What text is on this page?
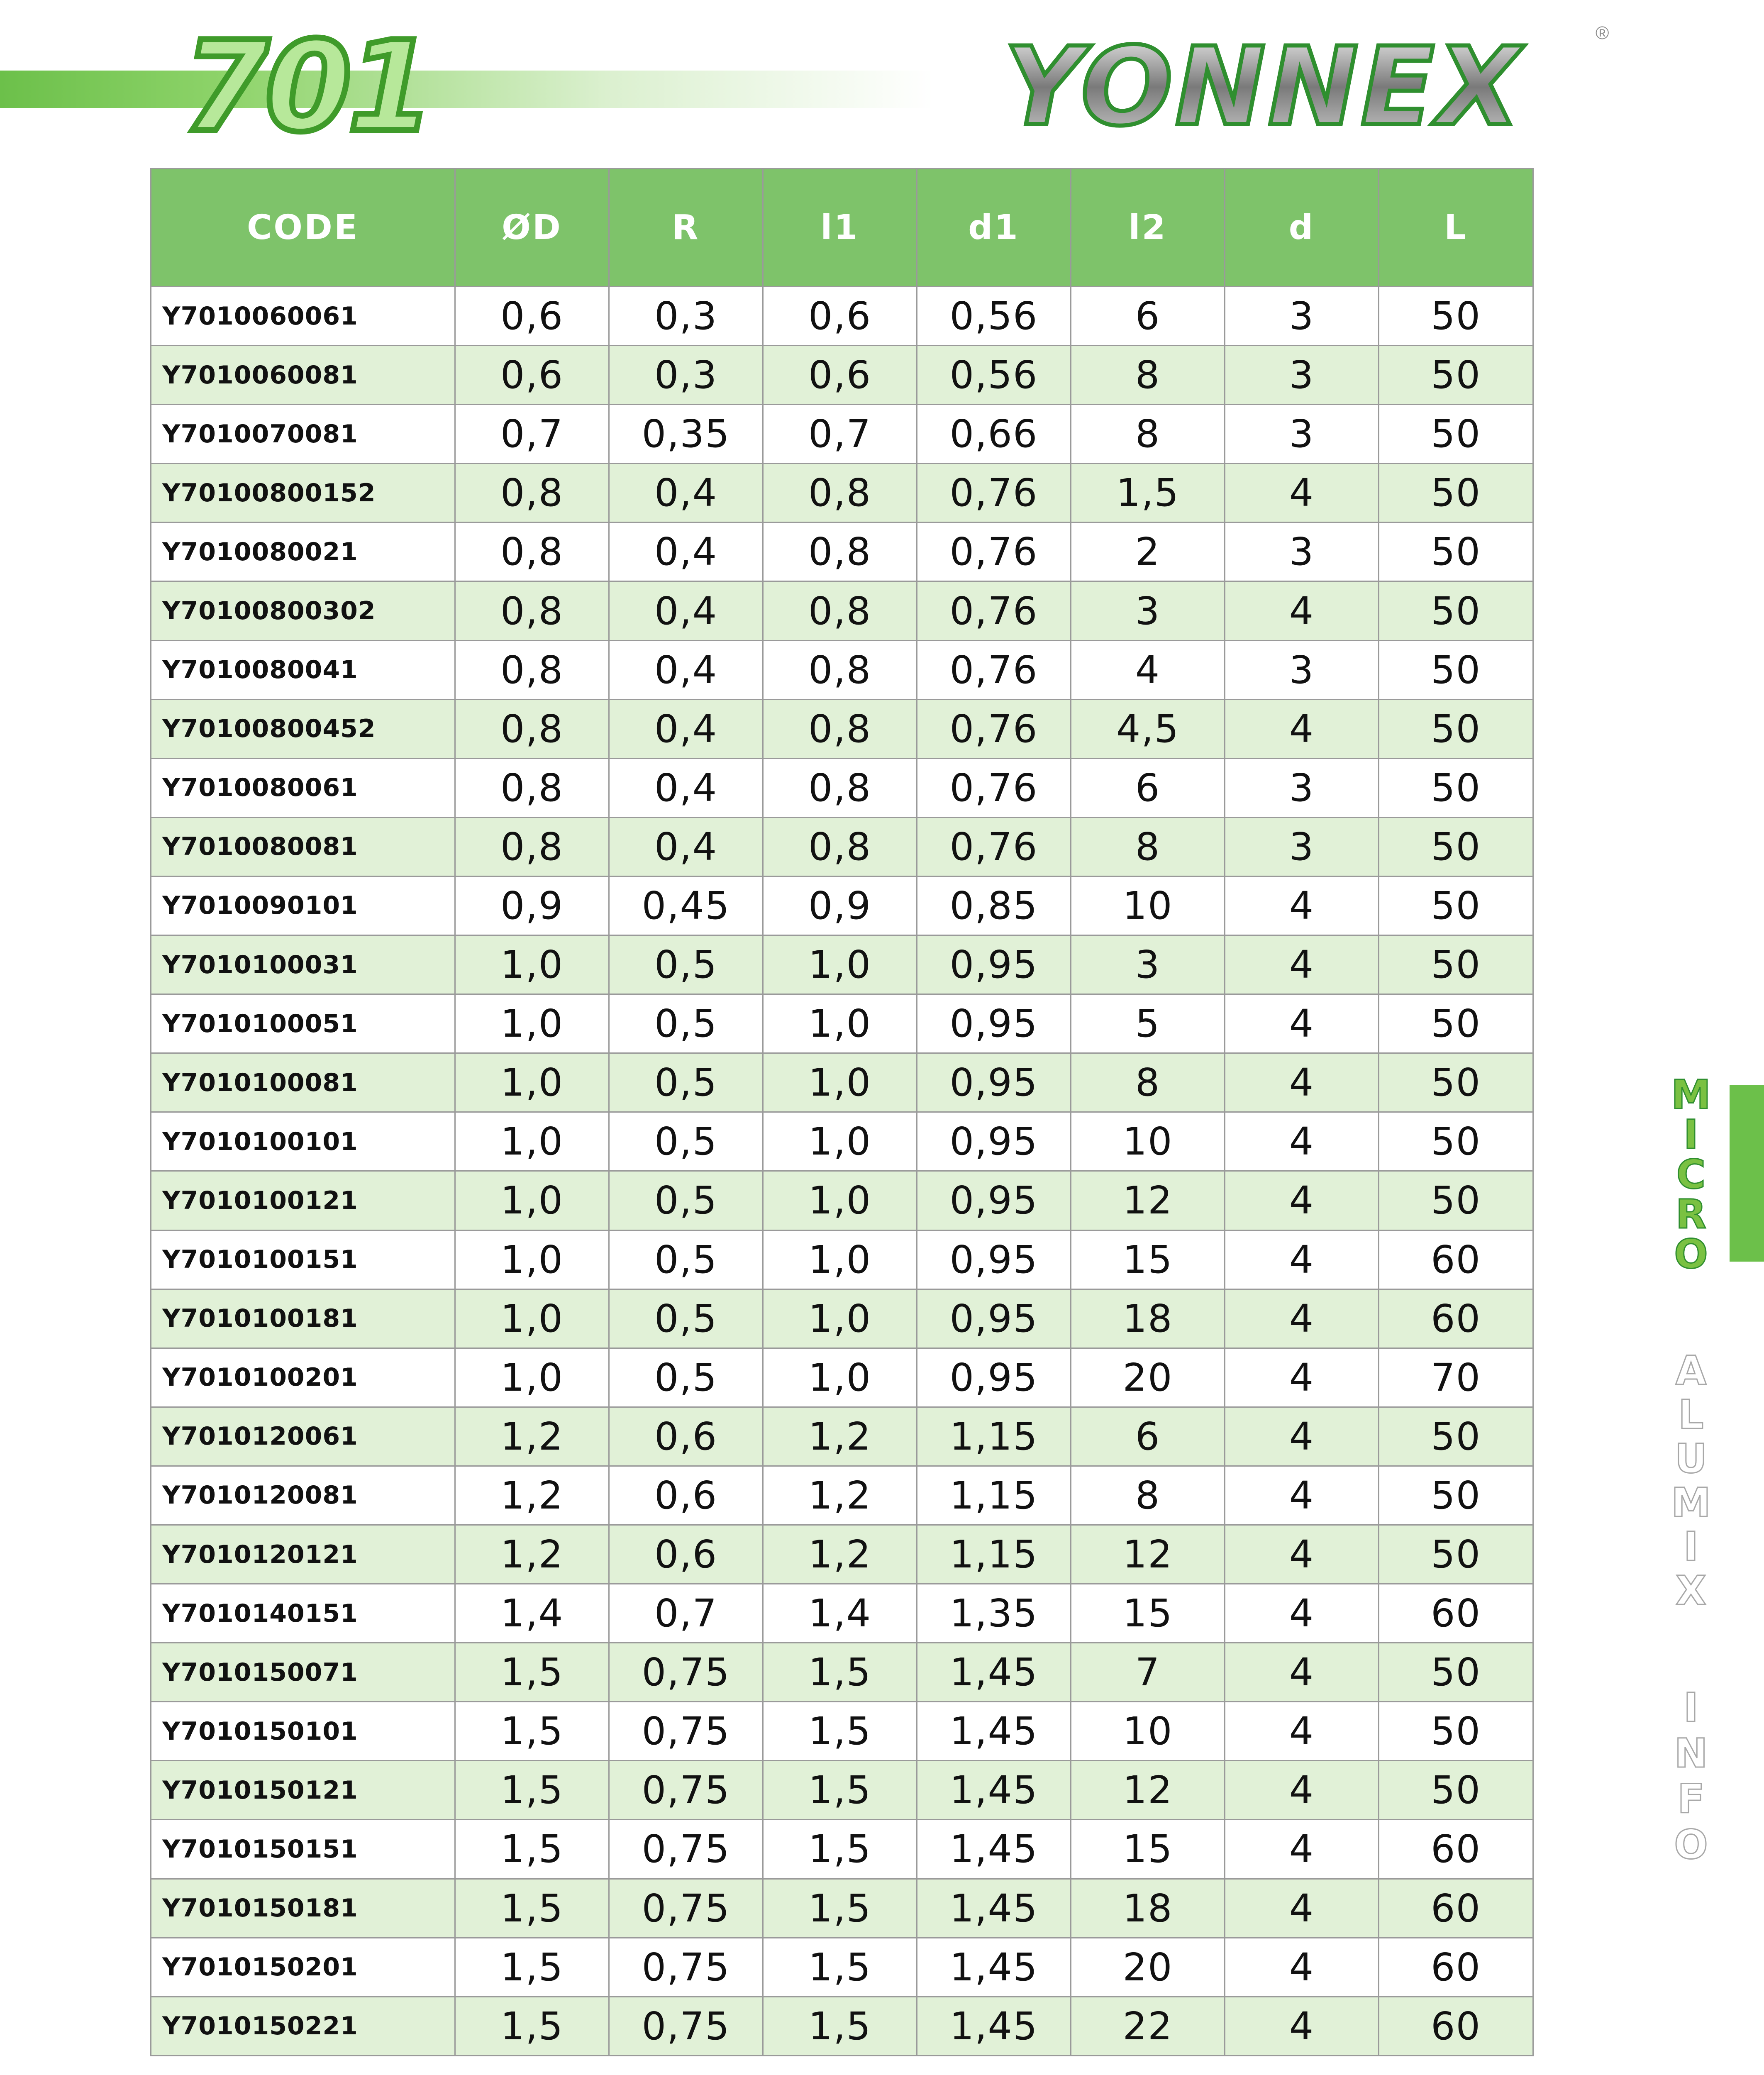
701	YONNEX	®
CODE	ØD	R	l1	d1	l2	d	L
Y7010060061	0,6	0,3	0,6	0,56	6	3	50
Y7010060081	0,6	0,3	0,6	0,56	8	3	50
Y7010070081	0,7	0,35	0,7	0,66	8	3	50
Y70100800152	0,8	0,4	0,8	0,76	1,5	4	50
Y7010080021	0,8	0,4	0,8	0,76	2	3	50
Y70100800302	0,8	0,4	0,8	0,76	3	4	50
Y7010080041	0,8	0,4	0,8	0,76	4	3	50
Y70100800452	0,8	0,4	0,8	0,76	4,5	4	50
Y7010080061	0,8	0,4	0,8	0,76	6	3	50
Y7010080081	0,8	0,4	0,8	0,76	8	3	50
Y7010090101	0,9	0,45	0,9	0,85	10	4	50
Y7010100031	1,0	0,5	1,0	0,95	3	4	50
Y7010100051	1,0	0,5	1,0	0,95	5	4	50
Y7010100081	1,0	0,5	1,0	0,95	8	4	50
Y7010100101	1,0	0,5	1,0	0,95	10	4	50
Y7010100121	1,0	0,5	1,0	0,95	12	4	50
Y7010100151	1,0	0,5	1,0	0,95	15	4	60
Y7010100181	1,0	0,5	1,0	0,95	18	4	60
Y7010100201	1,0	0,5	1,0	0,95	20	4	70
Y7010120061	1,2	0,6	1,2	1,15	6	4	50
Y7010120081	1,2	0,6	1,2	1,15	8	4	50
Y7010120121	1,2	0,6	1,2	1,15	12	4	50
Y7010140151	1,4	0,7	1,4	1,35	15	4	60
Y7010150071	1,5	0,75	1,5	1,45	7	4	50
Y7010150101	1,5	0,75	1,5	1,45	10	4	50
Y7010150121	1,5	0,75	1,5	1,45	12	4	50
Y7010150151	1,5	0,75	1,5	1,45	15	4	60
Y7010150181	1,5	0,75	1,5	1,45	18	4	60
Y7010150201	1,5	0,75	1,5	1,45	20	4	60
Y7010150221	1,5	0,75	1,5	1,45	22	4	60
M
I
C
R
O
A
L
U
M
I
X
I
N
F
O
